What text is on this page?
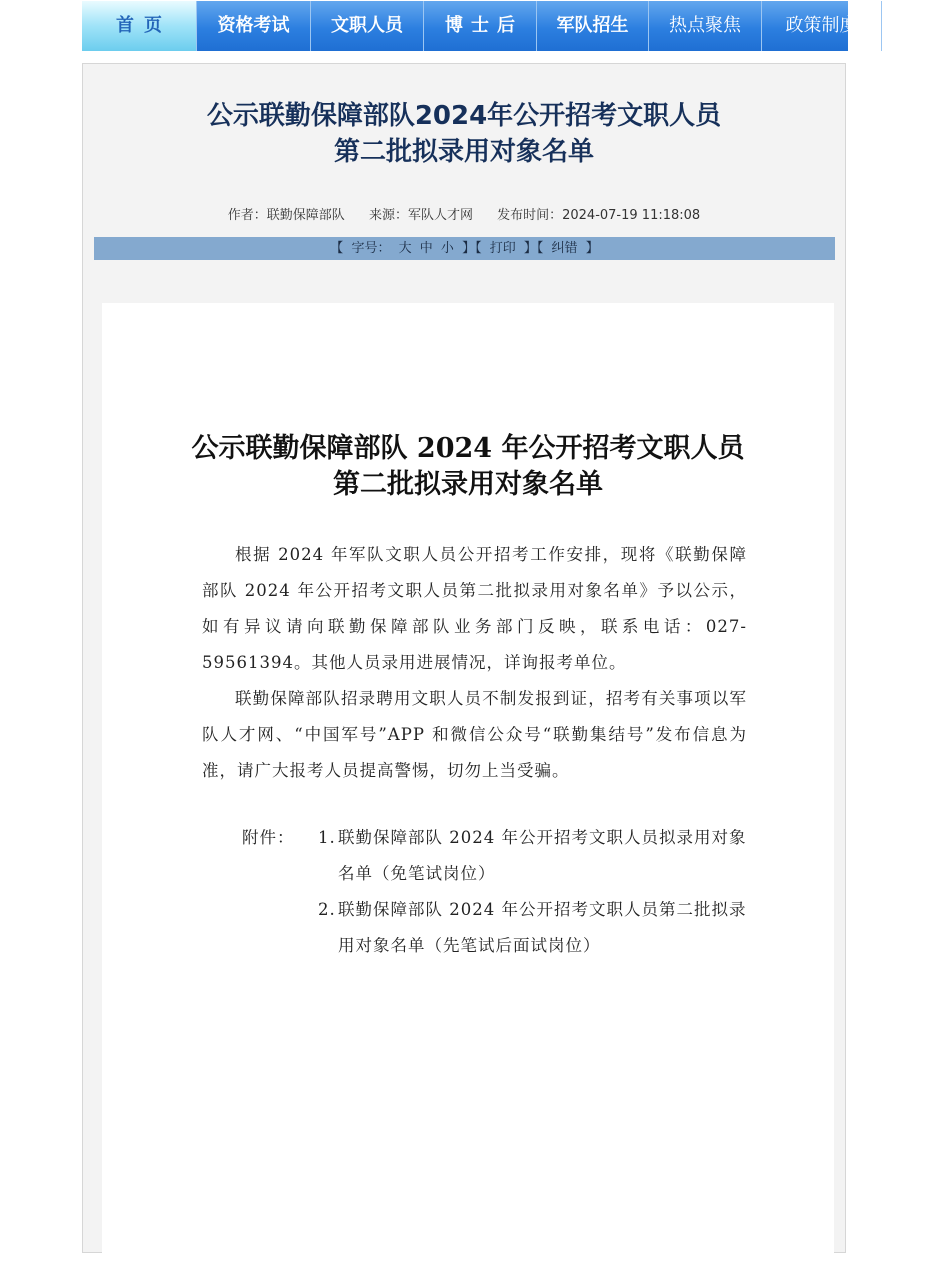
首页	资格考试	文职人员	博士后	军队招生	热点聚焦	政策制度
公示联勤保障部队2024年公开招考文职人员
第二批拟录用对象名单
作者：联勤保障部队 来源：军队人才网 发布时间：2024-07-19 11:18:08
【 字号： 大 中 小 】【 打印 】【 纠错 】
公示联勤保障部队 2024 年公开招考文职人员
第二批拟录用对象名单
根据 2024 年军队文职人员公开招考工作安排，现将《联勤保障部队 2024 年公开招考文职人员第二批拟录用对象名单》予以公示，如有异议请向联勤保障部队业务部门反映，联系电话：027-59561394。其他人员录用进展情况，详询报考单位。
联勤保障部队招录聘用文职人员不制发报到证，招考有关事项以军队人才网、“中国军号”APP 和微信公众号“联勤集结号”发布信息为准，请广大报考人员提高警惕，切勿上当受骗。
附件：	1. 联勤保障部队 2024 年公开招考文职人员拟录用对象名单（免笔试岗位）
2. 联勤保障部队 2024 年公开招考文职人员第二批拟录用对象名单（先笔试后面试岗位）
